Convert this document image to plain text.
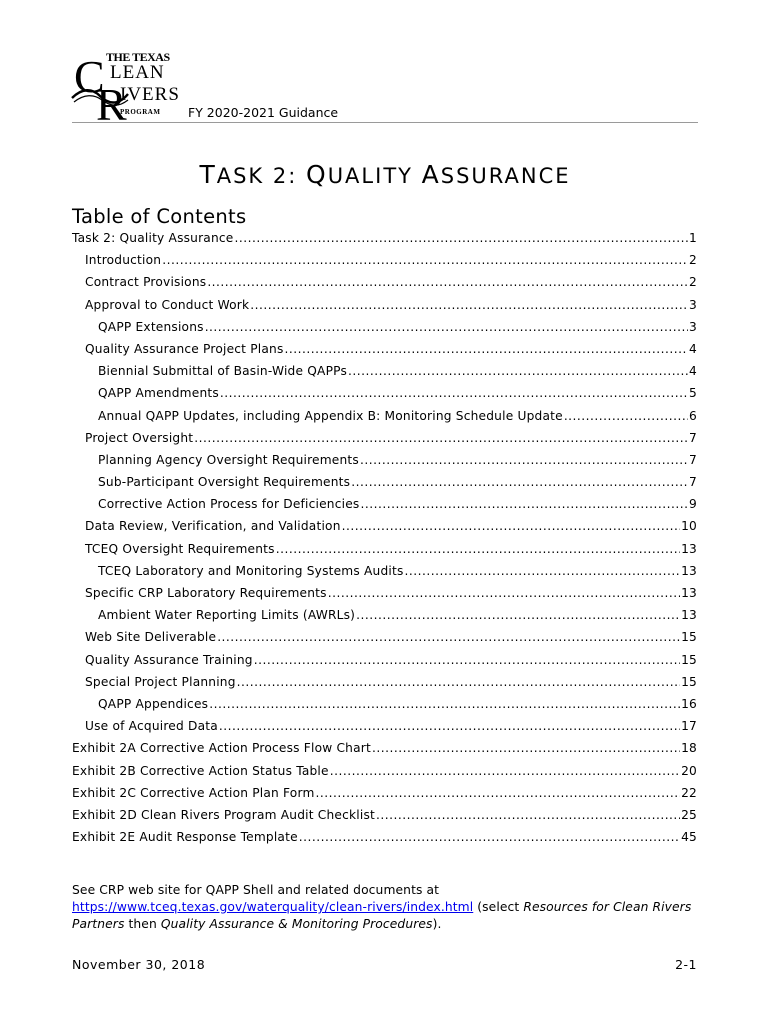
THE TEXAS
C LEAN
R
IVERS
PROGRAM FY 2020-2021 Guidance
TASK 2: QUALITY ASSURANCE
Table of Contents
Task 2: Quality Assurance .....	1
Introduction .....	2
Contract Provisions .....	2
Approval to Conduct Work .....	3
QAPP Extensions .....	3
Quality Assurance Project Plans .....	4
Biennial Submittal of Basin-Wide QAPPs .....	4
QAPP Amendments .....	5
Annual QAPP Updates, including Appendix B: Monitoring Schedule Update .....	6
Project Oversight .....	7
Planning Agency Oversight Requirements .....	7
Sub-Participant Oversight Requirements .....	7
Corrective Action Process for Deficiencies .....	9
Data Review, Verification, and Validation .....	10
TCEQ Oversight Requirements .....	13
TCEQ Laboratory and Monitoring Systems Audits .....	13
Specific CRP Laboratory Requirements .....	13
Ambient Water Reporting Limits (AWRLs) .....	13
Web Site Deliverable .....	15
Quality Assurance Training .....	15
Special Project Planning .....	15
QAPP Appendices .....	16
Use of Acquired Data .....	17
Exhibit 2A Corrective Action Process Flow Chart .....	18
Exhibit 2B Corrective Action Status Table .....	20
Exhibit 2C Corrective Action Plan Form .....	22
Exhibit 2D Clean Rivers Program Audit Checklist .....	25
Exhibit 2E Audit Response Template .....	45
See CRP web site for QAPP Shell and related documents at
https://www.tceq.texas.gov/waterquality/clean-rivers/index.html (select Resources for Clean Rivers Partners then Quality Assurance & Monitoring Procedures).
November 30, 2018	2-1
